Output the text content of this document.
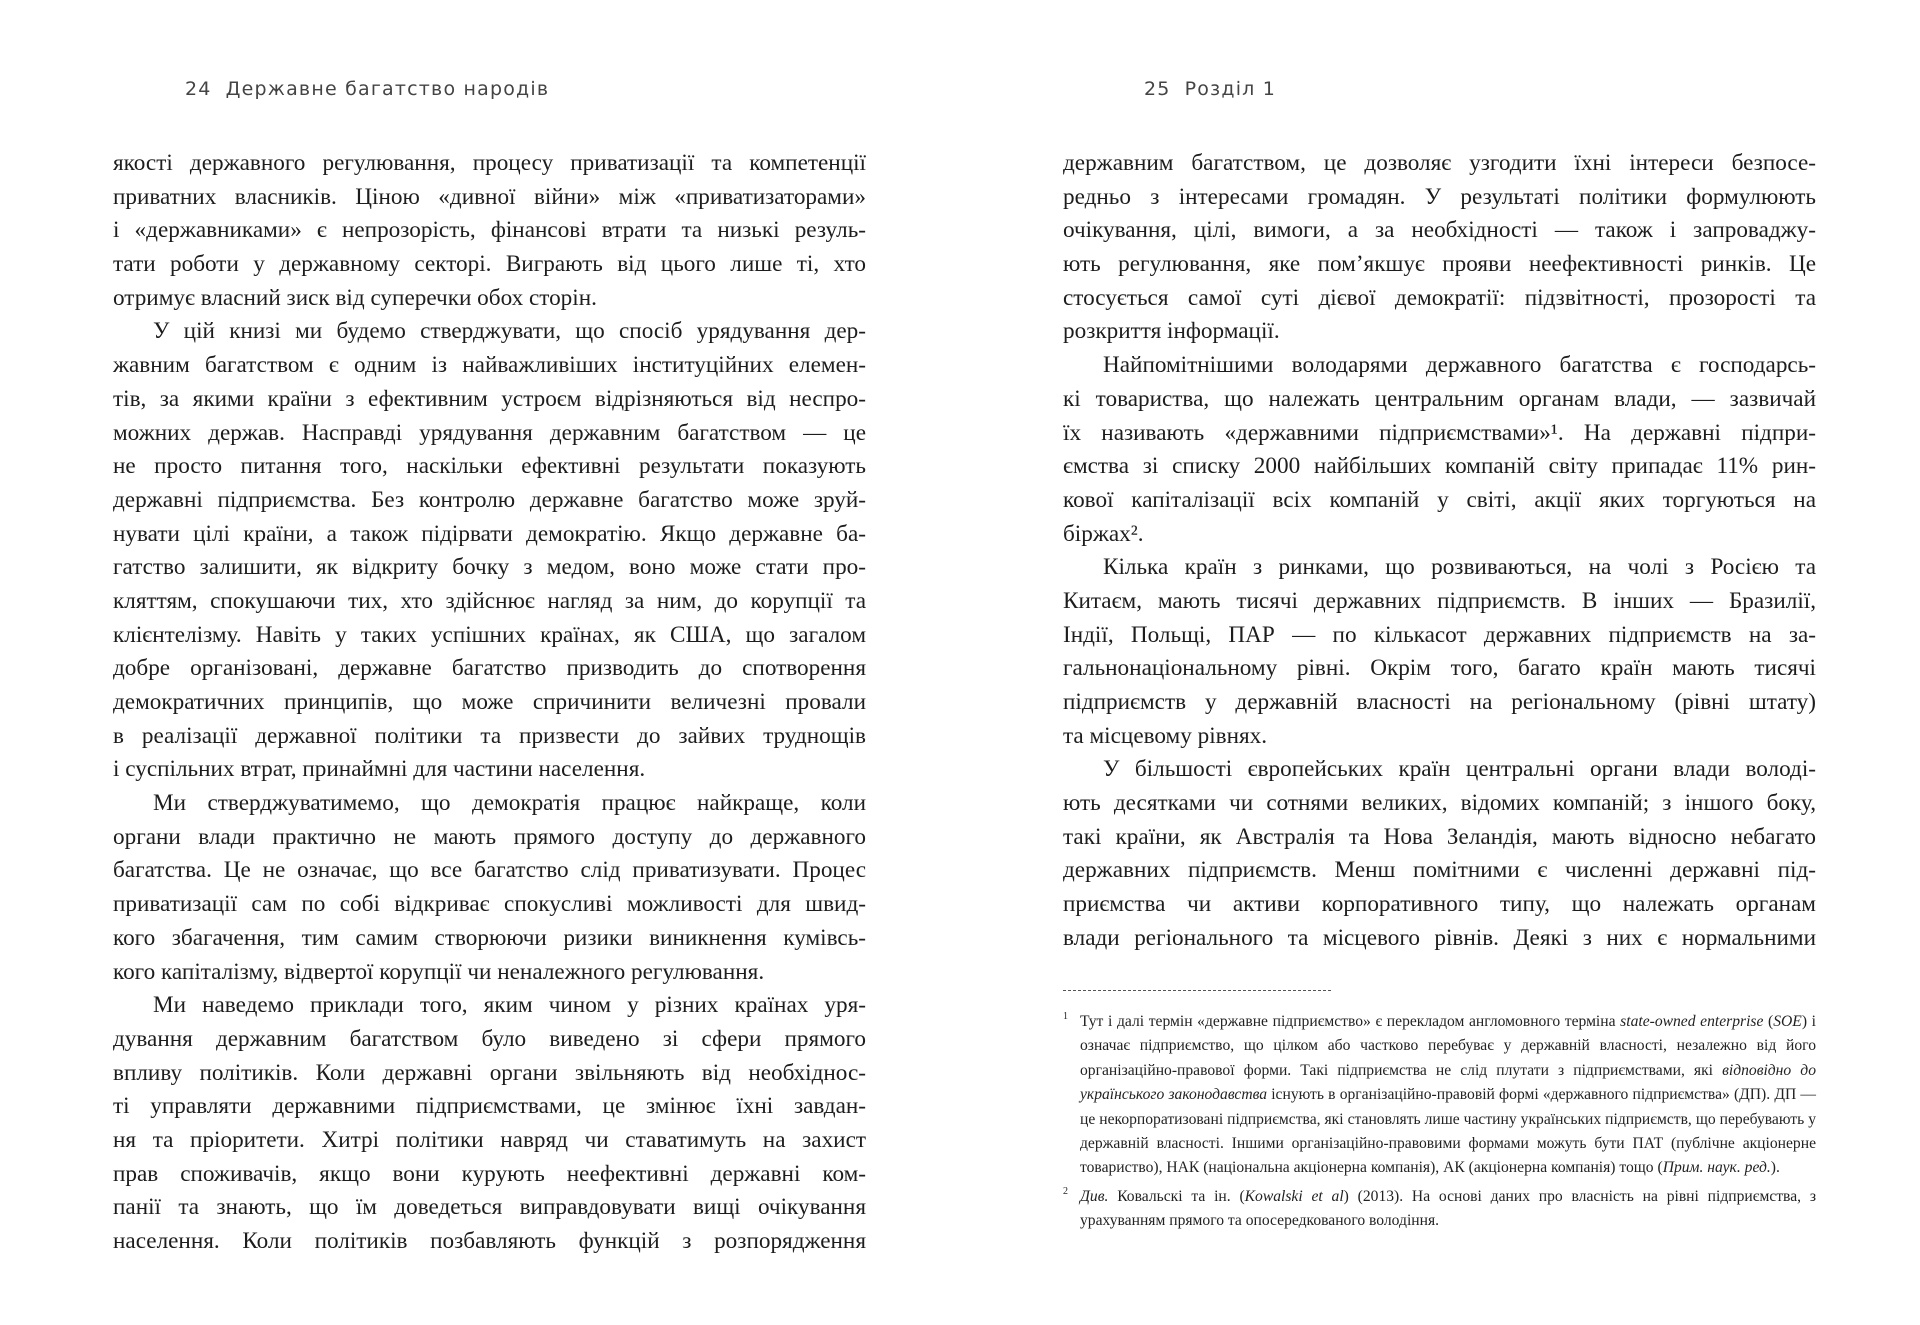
24 Державне багатство народів
якості державного регулювання, процесу приватизації та компетенції
приватних власників. Ціною «дивної війни» між «приватизаторами»
і «державниками» є непрозорість, фінансові втрати та низькі резуль-
тати роботи у державному секторі. Виграють від цього лише ті, хто
отримує власний зиск від суперечки обох сторін.
У цій книзі ми будемо стверджувати, що спосіб урядування дер-
жавним багатством є одним із найважливіших інституційних елемен-
тів, за якими країни з ефективним устроєм відрізняються від неспро-
можних держав. Насправді урядування державним багатством — це
не просто питання того, наскільки ефективні результати показують
державні підприємства. Без контролю державне багатство може зруй-
нувати цілі країни, а також підірвати демократію. Якщо державне ба-
гатство залишити, як відкриту бочку з медом, воно може стати про-
кляттям, спокушаючи тих, хто здійснює нагляд за ним, до корупції та
клієнтелізму. Навіть у таких успішних країнах, як США, що загалом
добре організовані, державне багатство призводить до спотворення
демократичних принципів, що може спричинити величезні провали
в реалізації державної політики та призвести до зайвих труднощів
і суспільних втрат, принаймні для частини населення.
Ми стверджуватимемо, що демократія працює найкраще, коли
органи влади практично не мають прямого доступу до державного
багатства. Це не означає, що все багатство слід приватизувати. Процес
приватизації сам по собі відкриває спокусливі можливості для швид-
кого збагачення, тим самим створюючи ризики виникнення кумівсь-
кого капіталізму, відвертої корупції чи неналежного регулювання.
Ми наведемо приклади того, яким чином у різних країнах уря-
дування державним багатством було виведено зі сфери прямого
впливу політиків. Коли державні органи звільняють від необхіднос-
ті управляти державними підприємствами, це змінює їхні завдан-
ня та пріоритети. Хитрі політики навряд чи ставатимуть на захист
прав споживачів, якщо вони курують неефективні державні ком-
панії та знають, що їм доведеться виправдовувати вищі очікування
населення. Коли політиків позбавляють функцій з розпорядження
25 Розділ 1
державним багатством, це дозволяє узгодити їхні інтереси безпосе-
редньо з інтересами громадян. У результаті політики формулюють
очікування, цілі, вимоги, а за необхідності — також і запроваджу-
ють регулювання, яке пом’якшує прояви неефективності ринків. Це
стосується самої суті дієвої демократії: підзвітності, прозорості та
розкриття інформації.
Найпомітнішими володарями державного багатства є господарсь-
кі товариства, що належать центральним органам влади, — зазвичай
їх називають «державними підприємствами»¹. На державні підпри-
ємства зі списку 2000 найбільших компаній світу припадає 11% рин-
кової капіталізації всіх компаній у світі, акції яких торгуються на
біржах².
Кілька країн з ринками, що розвиваються, на чолі з Росією та
Китаєм, мають тисячі державних підприємств. В інших — Бразилії,
Індії, Польщі, ПАР — по кількасот державних підприємств на за-
гальнонаціональному рівні. Окрім того, багато країн мають тисячі
підприємств у державній власності на регіональному (рівні штату)
та місцевому рівнях.
У більшості європейських країн центральні органи влади володі-
ють десятками чи сотнями великих, відомих компаній; з іншого боку,
такі країни, як Австралія та Нова Зеландія, мають відносно небагато
державних підприємств. Менш помітними є численні державні під-
приємства чи активи корпоративного типу, що належать органам
влади регіонального та місцевого рівнів. Деякі з них є нормальними
1 Тут і далі термін «державне підприємство» є перекладом англомовного терміна state-owned enterprise (SOE) і означає підприємство, що цілком або частково перебуває у державній власності, незалежно від його організаційно-правової форми. Такі підприємства не слід плутати з підприємствами, які відповідно до українського законодавства існують в організаційно-правовій формі «державного підприємства» (ДП). ДП — це некорпоратизовані підприємства, які становлять лише частину українських підприємств, що перебувають у державній власності. Іншими організаційно-правовими формами можуть бути ПАТ (публічне акціонерне товариство), НАК (національна акціонерна компанія), АК (акціонерна компанія) тощо (Прим. наук. ред.).
2 Див. Ковальскі та ін. (Kowalski et al) (2013). На основі даних про власність на рівні підприємства, з урахуванням прямого та опосередкованого володіння.
